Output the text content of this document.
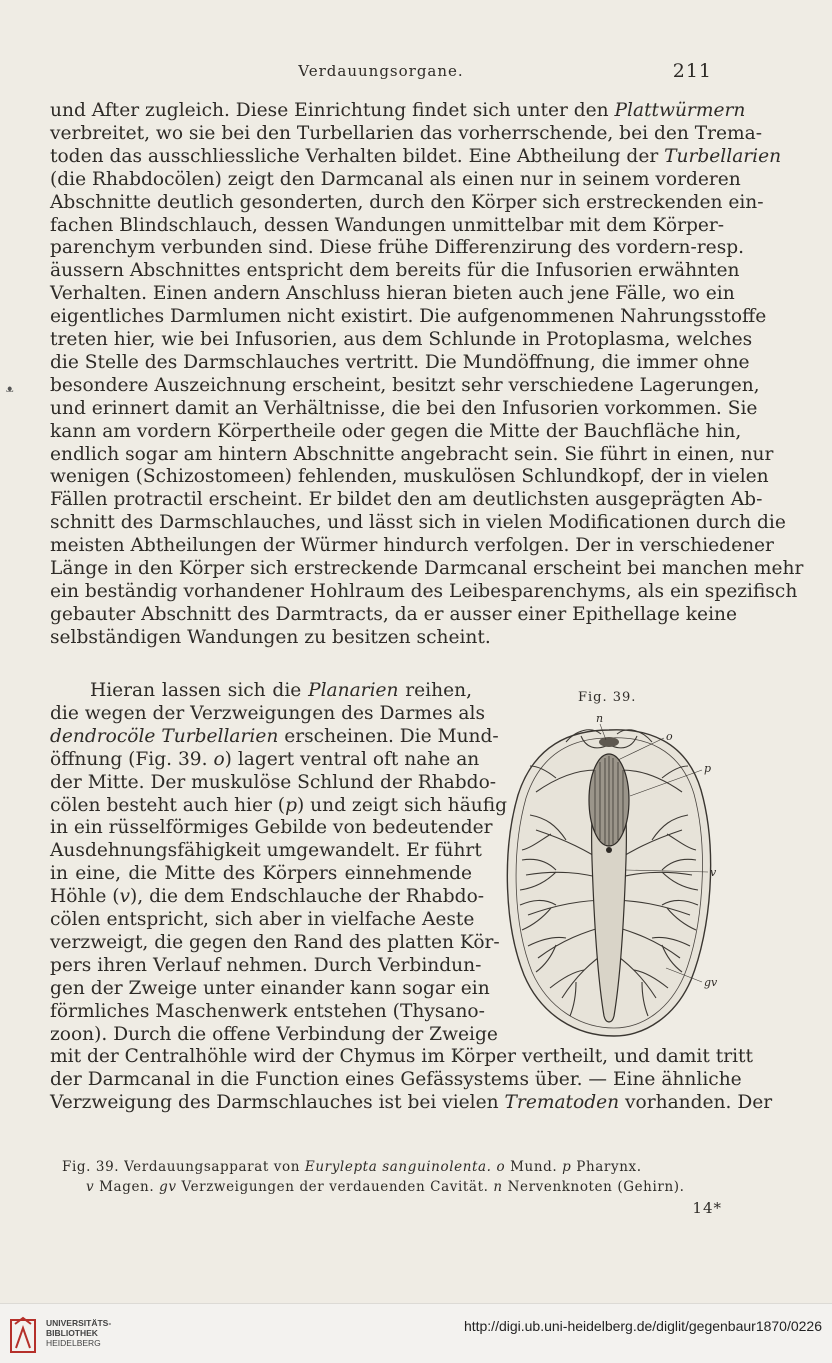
Verdauungsorgane.	211
ᴥ
und After zugleich. Diese Einrichtung findet sich unter den Plattwürmern
verbreitet, wo sie bei den Turbellarien das vorherrschende, bei den Trema-
toden das ausschliessliche Verhalten bildet. Eine Abtheilung der Turbellarien
(die Rhabdocölen) zeigt den Darmcanal als einen nur in seinem vorderen
Abschnitte deutlich gesonderten, durch den Körper sich erstreckenden ein-
fachen Blindschlauch, dessen Wandungen unmittelbar mit dem Körper-
parenchym verbunden sind. Diese frühe Differenzirung des vordern-resp.
äussern Abschnittes entspricht dem bereits für die Infusorien erwähnten
Verhalten. Einen andern Anschluss hieran bieten auch jene Fälle, wo ein
eigentliches Darmlumen nicht existirt. Die aufgenommenen Nahrungsstoffe
treten hier, wie bei Infusorien, aus dem Schlunde in Protoplasma, welches
die Stelle des Darmschlauches vertritt. Die Mundöffnung, die immer ohne
besondere Auszeichnung erscheint, besitzt sehr verschiedene Lagerungen,
und erinnert damit an Verhältnisse, die bei den Infusorien vorkommen. Sie
kann am vordern Körpertheile oder gegen die Mitte der Bauchfläche hin,
endlich sogar am hintern Abschnitte angebracht sein. Sie führt in einen, nur
wenigen (Schizostomeen) fehlenden, muskulösen Schlundkopf, der in vielen
Fällen protractil erscheint. Er bildet den am deutlichsten ausgeprägten Ab-
schnitt des Darmschlauches, und lässt sich in vielen Modificationen durch die
meisten Abtheilungen der Würmer hindurch verfolgen. Der in verschiedener
Länge in den Körper sich erstreckende Darmcanal erscheint bei manchen mehr
ein beständig vorhandener Hohlraum des Leibesparenchyms, als ein spezifisch
gebauter Abschnitt des Darmtracts, da er ausser einer Epithellage keine
selbständigen Wandungen zu besitzen scheint.
Hieran lassen sich die Planarien reihen,
die wegen der Verzweigungen des Darmes als
dendrocöle Turbellarien erscheinen. Die Mund-
öffnung (Fig. 39. o) lagert ventral oft nahe an
der Mitte. Der muskulöse Schlund der Rhabdo-
cölen besteht auch hier (p) und zeigt sich häufig
in ein rüsselförmiges Gebilde von bedeutender
Ausdehnungsfähigkeit umgewandelt. Er führt
in eine, die Mitte des Körpers einnehmende
Höhle (v), die dem Endschlauche der Rhabdo-
cölen entspricht, sich aber in vielfache Aeste
verzweigt, die gegen den Rand des platten Kör-
pers ihren Verlauf nehmen. Durch Verbindun-
gen der Zweige unter einander kann sogar ein
förmliches Maschenwerk entstehen (Thysano-
zoon). Durch die offene Verbindung der Zweige
mit der Centralhöhle wird der Chymus im Körper vertheilt, und damit tritt
der Darmcanal in die Function eines Gefässystems über. — Eine ähnliche
Verzweigung des Darmschlauches ist bei vielen Trematoden vorhanden. Der
Fig. 39.
n
o
p
v
gv
Fig. 39. Verdauungsapparat von Eurylepta sanguinolenta. o Mund. p Pharynx.
v Magen. gv Verzweigungen der verdauenden Cavität. n Nervenknoten (Gehirn).
14*
UNIVERSITÄTS-
BIBLIOTHEK
HEIDELBERG
http://digi.ub.uni-heidelberg.de/diglit/gegenbaur1870/0226
